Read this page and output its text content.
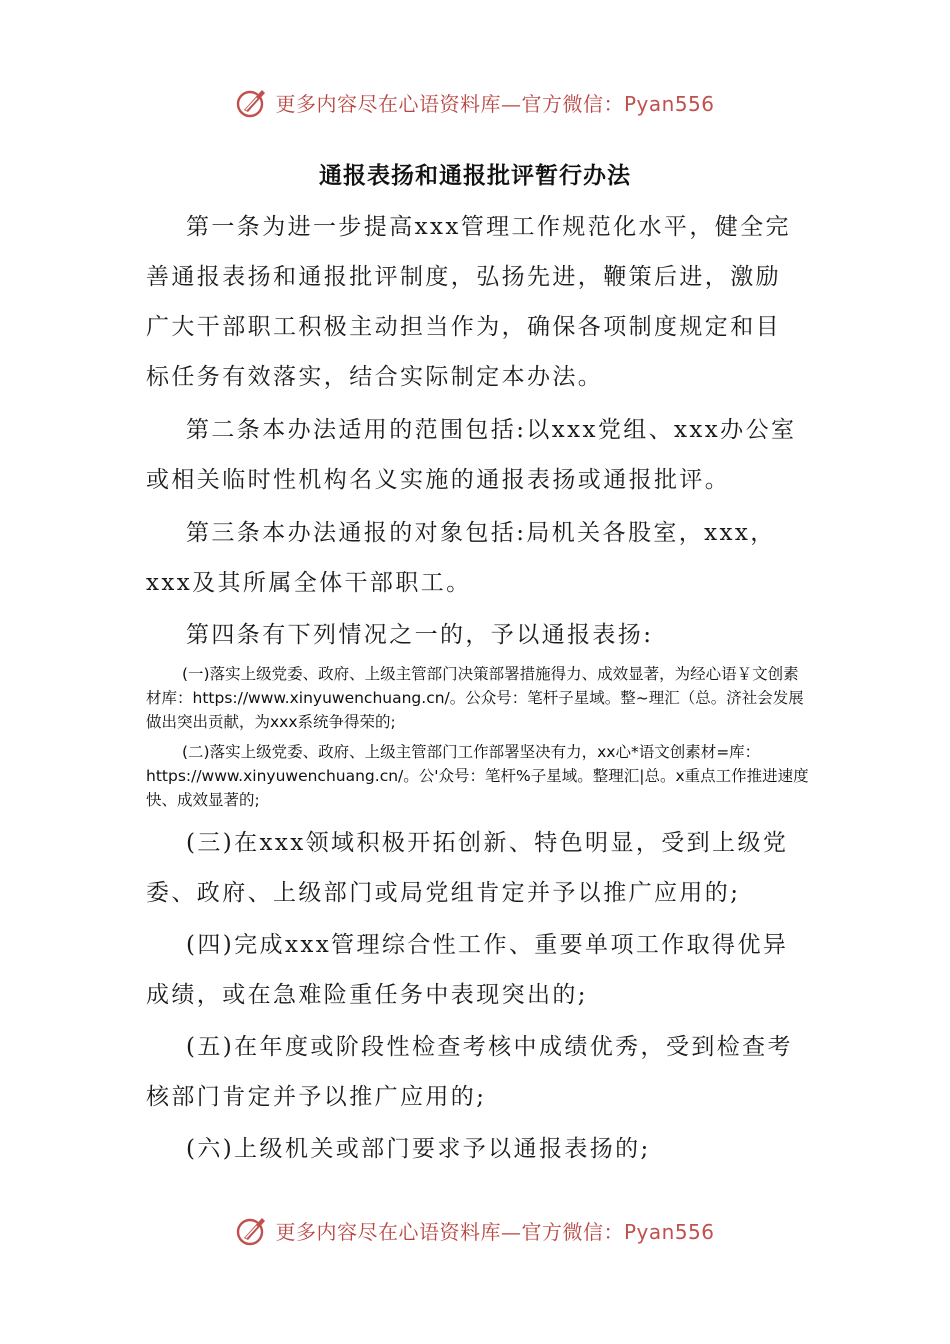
更多内容尽在心语资料库—官方微信：Pyan556
通报表扬和通报批评暂行办法

第一条为进一步提高xxx管理工作规范化水平，健全完善通报表扬和通报批评制度，弘扬先进，鞭策后进，激励广大干部职工积极主动担当作为，确保各项制度规定和目标任务有效落实，结合实际制定本办法。

第二条本办法适用的范围包括:以xxx党组、xxx办公室或相关临时性机构名义实施的通报表扬或通报批评。

第三条本办法通报的对象包括:局机关各股室，xxx，xxx及其所属全体干部职工。

第四条有下列情况之一的，予以通报表扬:

(一)落实上级党委、政府、上级主管部门决策部署措施得力、成效显著，为经心语￥文创素材库：https://www.xinyuwenchuang.cn/。公众号：笔杆子星域。整~理汇（总。济社会发展做出突出贡献，为xxx系统争得荣的;

(二)落实上级党委、政府、上级主管部门工作部署坚决有力，xx心*语文创素材=库：https://www.xinyuwenchuang.cn/。公'众号：笔杆%子星域。整理汇|总。x重点工作推进速度快、成效显著的;

(三)在xxx领域积极开拓创新、特色明显，受到上级党委、政府、上级部门或局党组肯定并予以推广应用的;

(四)完成xxx管理综合性工作、重要单项工作取得优异成绩，或在急难险重任务中表现突出的;

(五)在年度或阶段性检查考核中成绩优秀，受到检查考核部门肯定并予以推广应用的;

(六)上级机关或部门要求予以通报表扬的;

更多内容尽在心语资料库—官方微信：Pyan556
